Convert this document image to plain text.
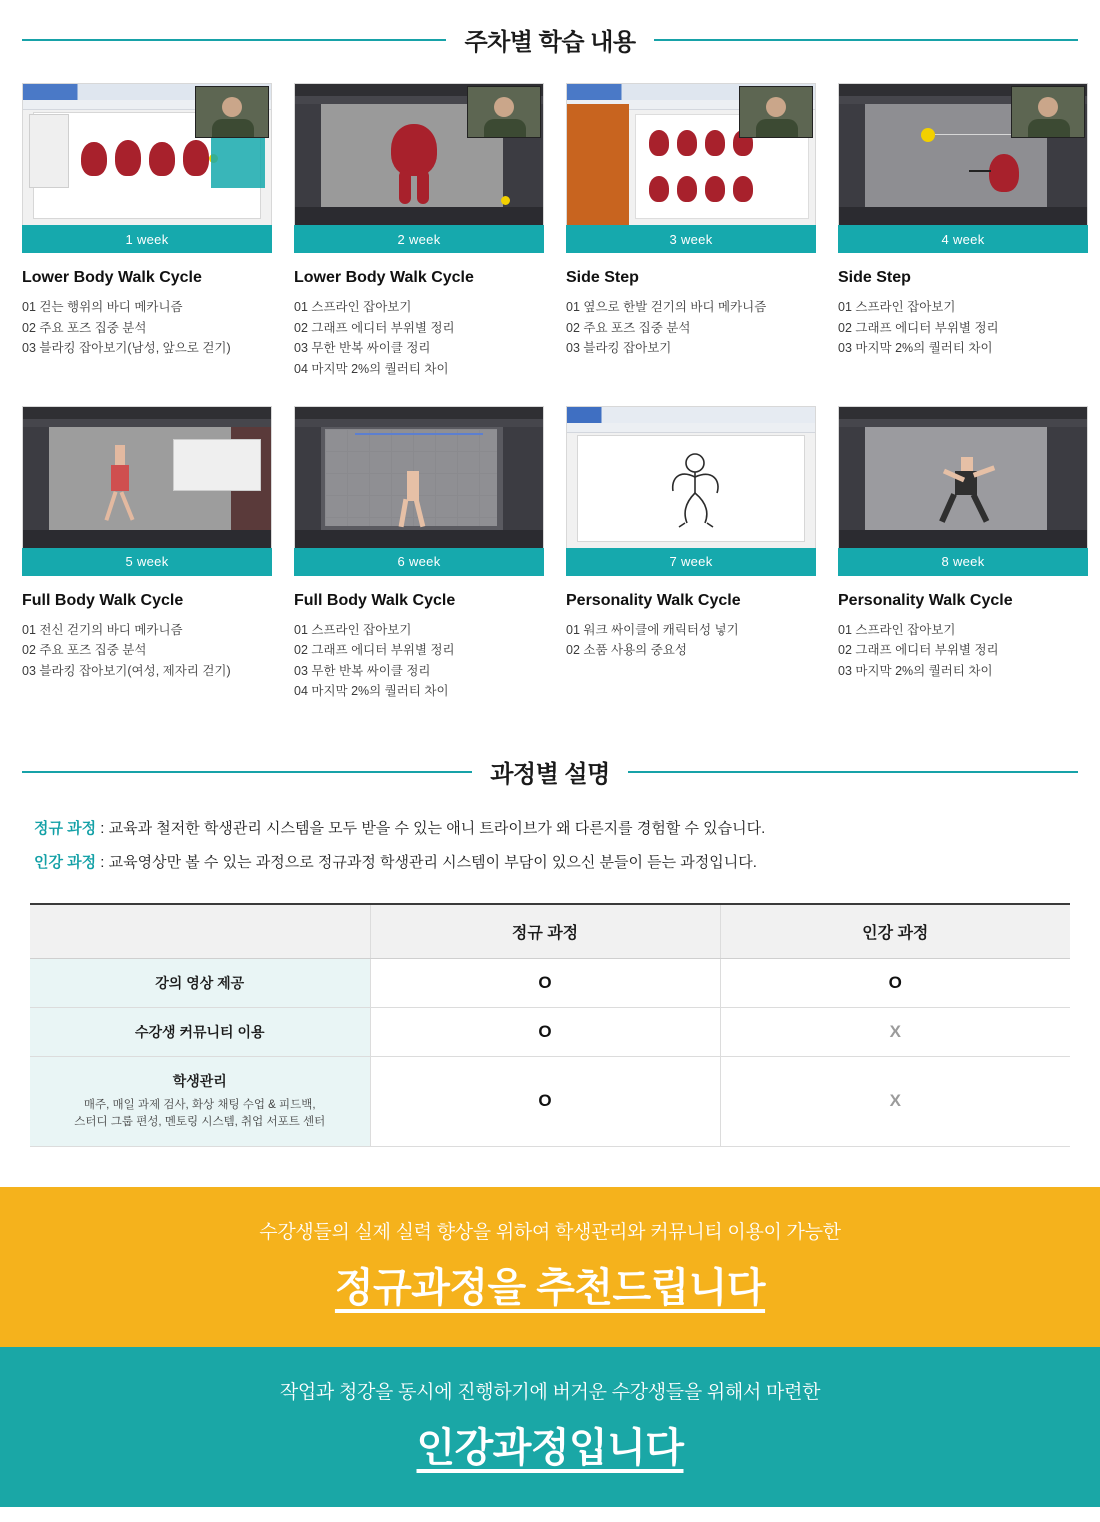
주차별 학습 내용
1 week
Lower Body Walk Cycle
01 걷는 행위의 바디 메카니즘
02 주요 포즈 집중 분석
03 블라킹 잡아보기(남성, 앞으로 걷기)
2 week
Lower Body Walk Cycle
01 스프라인 잡아보기
02 그래프 에디터 부위별 정리
03 무한 반복 싸이클 정리
04 마지막 2%의 퀄러티 차이
3 week
Side Step
01 옆으로 한발 걷기의 바디 메카니즘
02 주요 포즈 집중 분석
03 블라킹 잡아보기
4 week
Side Step
01 스프라인 잡아보기
02 그래프 에디터 부위별 정리
03 마지막 2%의 퀄러티 차이
5 week
Full Body Walk Cycle
01 전신 걷기의 바디 메카니즘
02 주요 포즈 집중 분석
03 블라킹 잡아보기(여성, 제자리 걷기)
6 week
Full Body Walk Cycle
01 스프라인 잡아보기
02 그래프 에디터 부위별 정리
03 무한 반복 싸이클 정리
04 마지막 2%의 퀄러티 차이
7 week
Personality Walk Cycle
01 워크 싸이클에 캐릭터성 넣기
02 소품 사용의 중요성
8 week
Personality Walk Cycle
01 스프라인 잡아보기
02 그래프 에디터 부위별 정리
03 마지막 2%의 퀄러티 차이
과정별 설명

정규 과정 : 교육과 철저한 학생관리 시스템을 모두 받을 수 있는 애니 트라이브가 왜 다른지를 경험할 수 있습니다.

인강 과정 : 교육영상만 볼 수 있는 과정으로 정규과정 학생관리 시스템이 부담이 있으신 분들이 듣는 과정입니다.

	정규 과정	인강 과정
강의 영상 제공	O	O
수강생 커뮤니티 이용	O	X
학생관리
매주, 매일 과제 검사, 화상 채팅 수업 & 피드백,
스터디 그룹 편성, 멘토링 시스템, 취업 서포트 센터	O	X
수강생들의 실제 실력 향상을 위하여 학생관리와 커뮤니티 이용이 가능한
정규과정을 추천드립니다
작업과 청강을 동시에 진행하기에 버거운 수강생들을 위해서 마련한
인강과정입니다
